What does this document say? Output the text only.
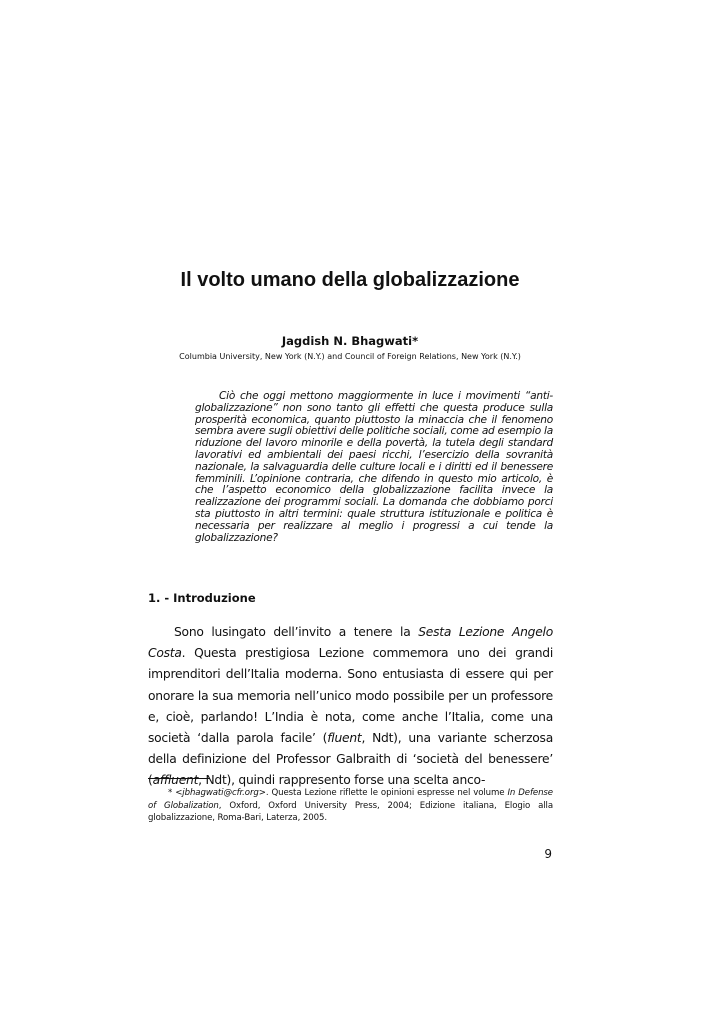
Il volto umano della globalizzazione
Jagdish N. Bhagwati*
Columbia University, New York (N.Y.) and Council of Foreign Relations, New York (N.Y.)

Ciò che oggi mettono maggiormente in luce i movimenti “anti-globalizzazione” non sono tanto gli effetti che questa produce sulla prosperità economica, quanto piuttosto la minaccia che il fenomeno sembra avere sugli obiettivi delle politiche sociali, come ad esempio la riduzione del lavoro minorile e della povertà, la tutela degli standard lavorativi ed ambientali dei paesi ricchi, l’esercizio della sovranità nazionale, la salvaguardia delle culture locali e i diritti ed il benessere femminili. L’opinione contraria, che difendo in questo mio articolo, è che l’aspetto economico della globalizzazione facilita invece la realizzazione dei programmi sociali. La domanda che dobbiamo porci sta piuttosto in altri termini: quale struttura istituzionale e politica è necessaria per realizzare al meglio i progressi a cui tende la globalizzazione?

1. - Introduzione

Sono lusingato dell’invito a tenere la Sesta Lezione Angelo Costa. Questa prestigiosa Lezione commemora uno dei grandi imprenditori dell’Italia moderna. Sono entusiasta di essere qui per onorare la sua memoria nell’unico modo possibile per un professore e, cioè, parlando! L’India è nota, come anche l’Italia, come una società ‘dalla parola facile’ (fluent, Ndt), una variante scherzosa della definizione del Professor Galbraith di ‘società del benessere’ (affluent, Ndt), quindi rappresento forse una scelta anco-

* <jbhagwati@cfr.org>. Questa Lezione riflette le opinioni espresse nel volume In Defense of Globalization, Oxford, Oxford University Press, 2004; Edizione italiana, Elogio alla globalizzazione, Roma-Bari, Laterza, 2005.

9
